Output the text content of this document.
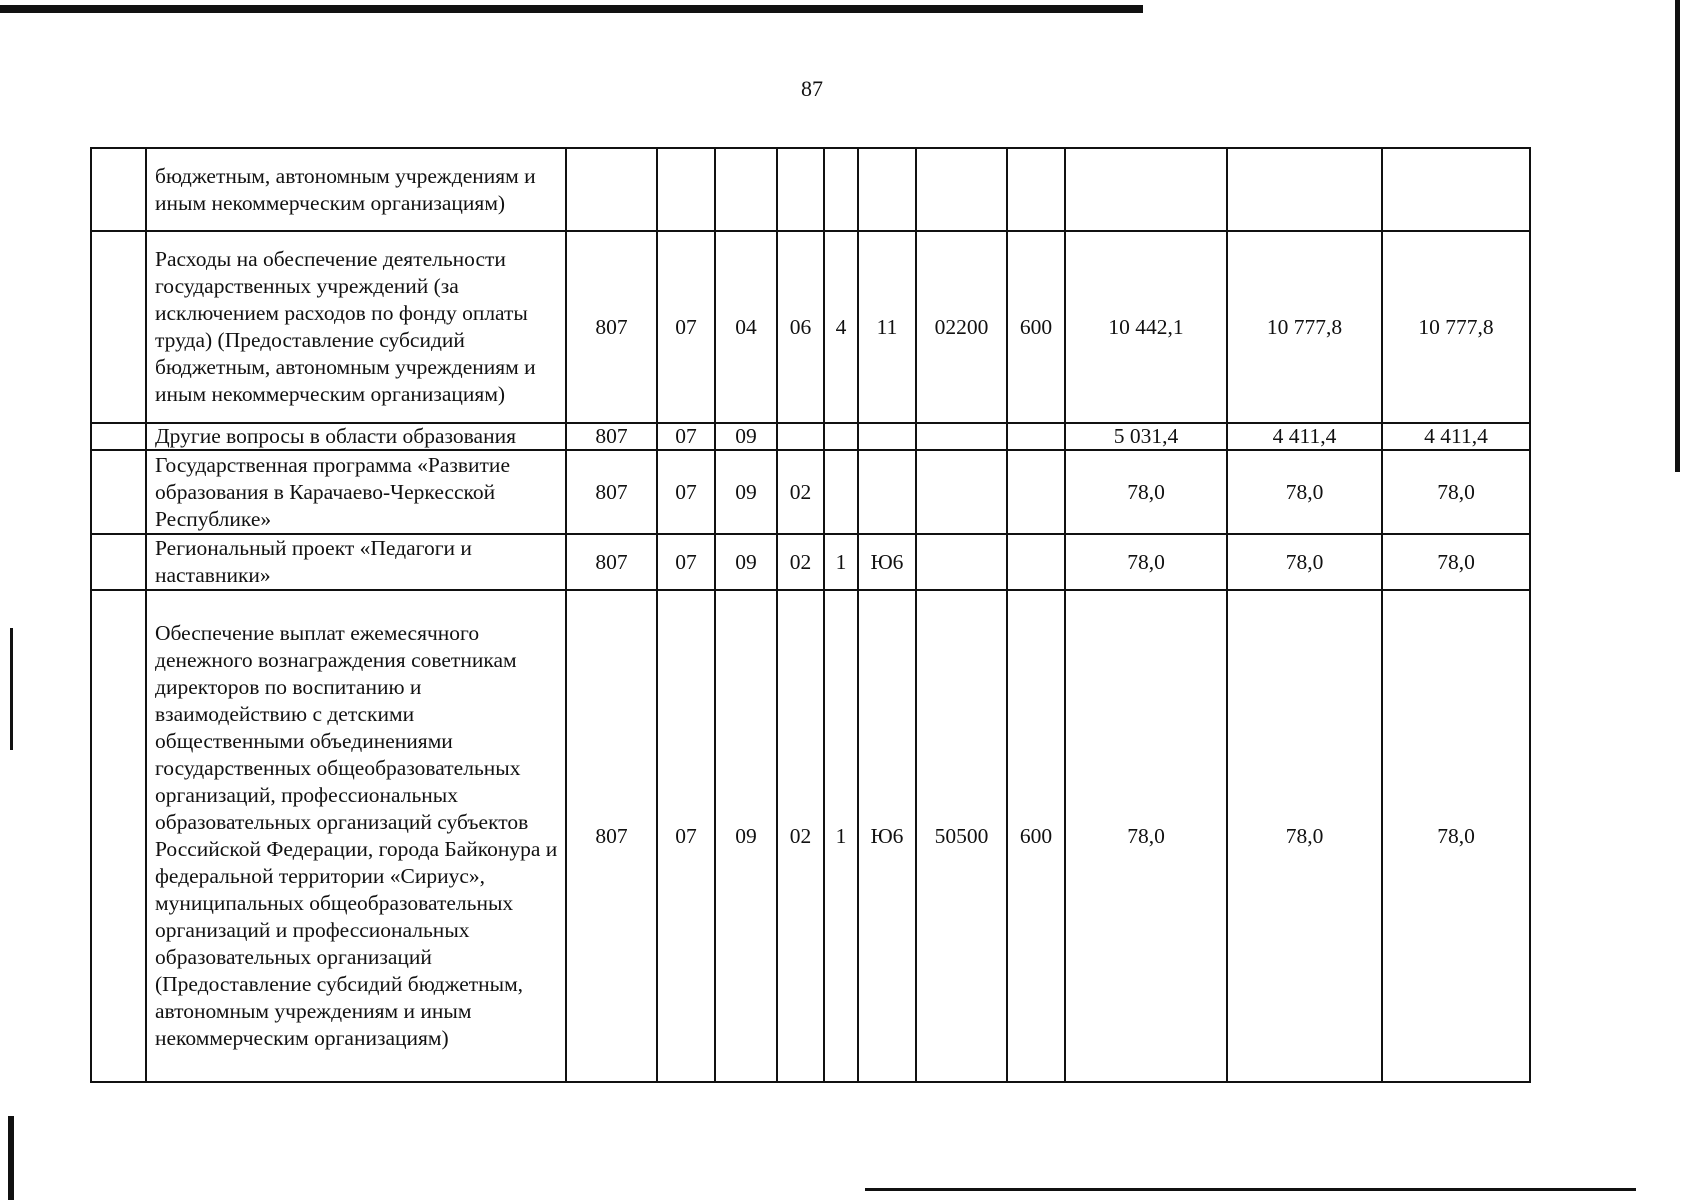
87
	бюджетным, автономным учреждениям и иным некоммерческим организациям)											
	Расходы на обеспечение деятельности государственных учреждений (за исключением расходов по фонду оплаты труда) (Предоставление субсидий бюджетным, автономным учреждениям и иным некоммерческим организациям)	807	07	04	06	4	11	02200	600	10 442,1	10 777,8	10 777,8
	Другие вопросы в области образования	807	07	09						5 031,4	4 411,4	4 411,4
	Государственная программа «Развитие образования в Карачаево-Черкесской Республике»	807	07	09	02					78,0	78,0	78,0
	Региональный проект «Педагоги и наставники»	807	07	09	02	1	Ю6			78,0	78,0	78,0
	Обеспечение выплат ежемесячного денежного вознаграждения советникам директоров по воспитанию и взаимодействию с детскими общественными объединениями государственных общеобразовательных организаций, профессиональных образовательных организаций субъектов Российской Федерации, города Байконура и федеральной территории «Сириус», муниципальных общеобразовательных организаций и профессиональных образовательных организаций (Предоставление субсидий бюджетным, автономным учреждениям и иным некоммерческим организациям)	807	07	09	02	1	Ю6	50500	600	78,0	78,0	78,0
